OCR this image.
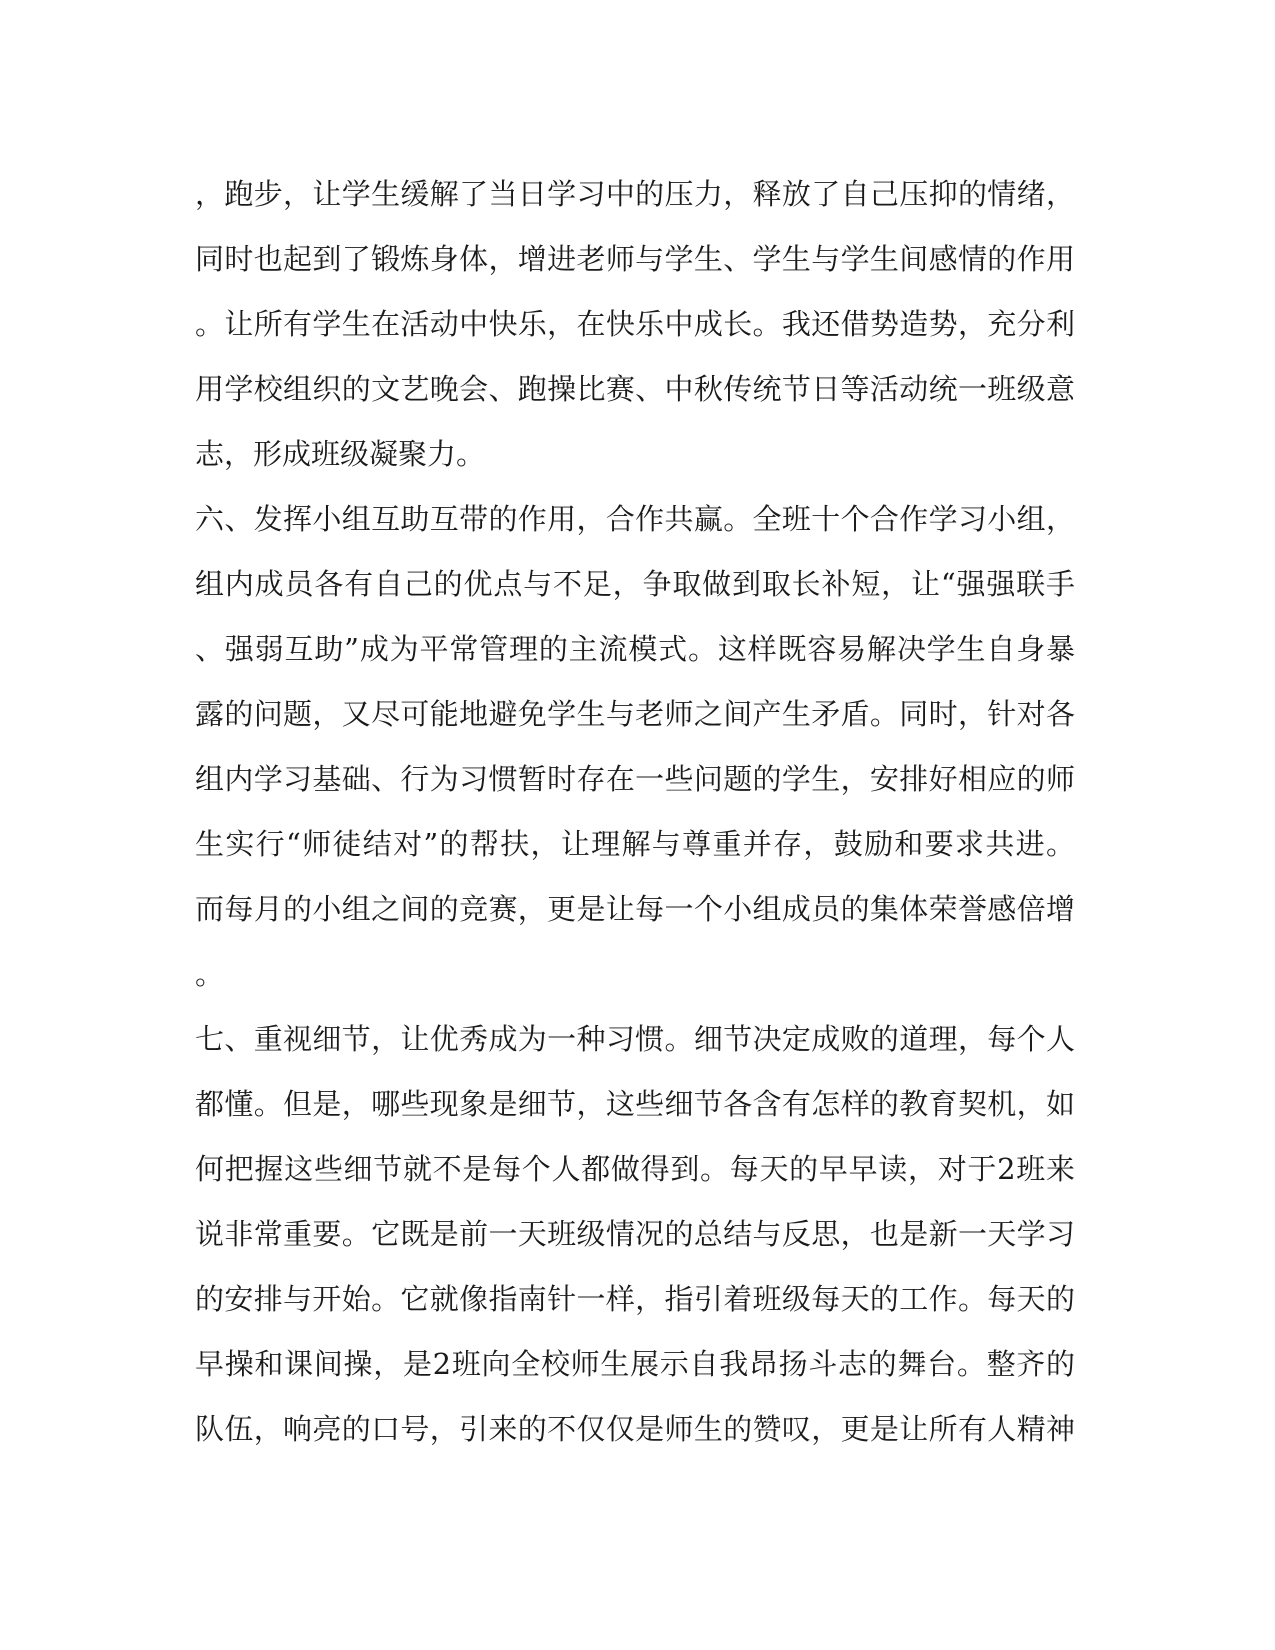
，跑步，让学生缓解了当日学习中的压力，释放了自己压抑的情绪，
同时也起到了锻炼身体，增进老师与学生、学生与学生间感情的作用
。让所有学生在活动中快乐，在快乐中成长。我还借势造势，充分利
用学校组织的文艺晚会、跑操比赛、中秋传统节日等活动统一班级意
志，形成班级凝聚力。
六、发挥小组互助互带的作用，合作共赢。全班十个合作学习小组，
组内成员各有自己的优点与不足，争取做到取长补短，让“强强联手
、强弱互助”成为平常管理的主流模式。这样既容易解决学生自身暴
露的问题，又尽可能地避免学生与老师之间产生矛盾。同时，针对各
组内学习基础、行为习惯暂时存在一些问题的学生，安排好相应的师
生实行“师徒结对”的帮扶，让理解与尊重并存，鼓励和要求共进。
而每月的小组之间的竞赛，更是让每一个小组成员的集体荣誉感倍增
。
七、重视细节，让优秀成为一种习惯。细节决定成败的道理，每个人
都懂。但是，哪些现象是细节，这些细节各含有怎样的教育契机，如
何把握这些细节就不是每个人都做得到。每天的早早读，对于2班来
说非常重要。它既是前一天班级情况的总结与反思，也是新一天学习
的安排与开始。它就像指南针一样，指引着班级每天的工作。每天的
早操和课间操，是2班向全校师生展示自我昂扬斗志的舞台。整齐的
队伍，响亮的口号，引来的不仅仅是师生的赞叹，更是让所有人精神
